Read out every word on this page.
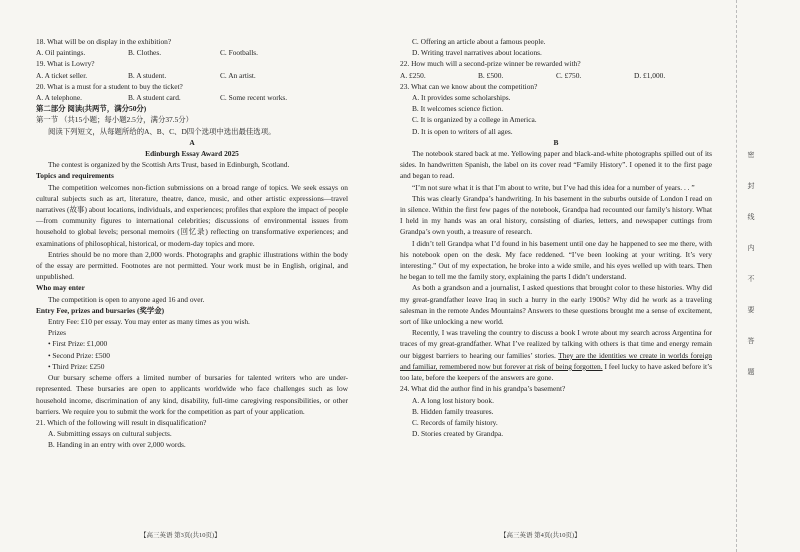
18. What will be on display in the exhibition?
A. Oil paintings.	B. Clothes.	C. Footballs.
19. What is Lowry?
A. A ticket seller.	B. A student.	C. An artist.
20. What is a must for a student to buy the ticket?
A. A telephone.	B. A student card.	C. Some recent works.
第二部分 阅读(共两节，满分50分)
第一节 （共15小题；每小题2.5分，满分37.5分）
阅读下列短文，从每题所给的A、B、C、D四个选项中选出最佳选项。
A
Edinburgh Essay Award 2025

The contest is organized by the Scottish Arts Trust, based in Edinburgh, Scotland.

Topics and requirements

The competition welcomes non-fiction submissions on a broad range of topics. We seek essays on cultural subjects such as art, literature, theatre, dance, music, and other artistic expressions—travel narratives (故事) about locations, individuals, and experiences; profiles that explore the impact of people—from community figures to international celebrities; discussions of environmental issues from household to global levels; personal memoirs (回忆录) reflecting on transformative experiences; and examinations of philosophical, historical, or modern-day topics and more.

Entries should be no more than 2,000 words. Photographs and graphic illustrations within the body of the essay are permitted. Footnotes are not permitted. Your work must be in English, original, and unpublished.

Who may enter

The competition is open to anyone aged 16 and over.

Entry Fee, prizes and bursaries (奖学金)

Entry Fee: £10 per essay. You may enter as many times as you wish.

Prizes
• First Prize: £1,000
• Second Prize: £500
• Third Prize: £250

Our bursary scheme offers a limited number of bursaries for talented writers who are under-represented. These bursaries are open to applicants worldwide who face challenges such as low household income, discrimination of any kind, disability, full-time caregiving responsibilities, or other barriers. We require you to submit the work for the competition as part of your application.

21. Which of the following will result in disqualification?
A. Submitting essays on cultural subjects.
B. Handing in an entry with over 2,000 words.
C. Offering an article about a famous people.
D. Writing travel narratives about locations.
22. How much will a second-prize winner be rewarded with?
A. £250.	B. £500.	C. £750.	D. £1,000.
23. What can we know about the competition?
A. It provides some scholarships.
B. It welcomes science fiction.
C. It is organized by a college in America.
D. It is open to writers of all ages.
B

The notebook stared back at me. Yellowing paper and black-and-white photographs spilled out of its sides. In handwritten Spanish, the label on its cover read “Family History”. I opened it to the first page and began to read.

“I’m not sure what it is that I’m about to write, but I’ve had this idea for a number of years. . . ”

This was clearly Grandpa’s handwriting. In his basement in the suburbs outside of London I read on in silence. Within the first few pages of the notebook, Grandpa had recounted our family’s history. What I held in my hands was an oral history, consisting of diaries, letters, and newspaper cuttings from Grandpa’s own youth, a treasure of research.

I didn’t tell Grandpa what I’d found in his basement until one day he happened to see me there, with his notebook open on the desk. My face reddened. “I’ve been looking at your writing. It’s very interesting.” Out of my expectation, he broke into a wide smile, and his eyes welled up with tears. Then he began to tell me the family story, explaining the parts I didn’t understand.

As both a grandson and a journalist, I asked questions that brought color to these histories. Why did my great-grandfather leave Iraq in such a hurry in the early 1900s? Why did he work as a traveling salesman in the remote Andes Mountains? Answers to these questions brought me a sense of excitement, sort of like unlocking a new world.

Recently, I was traveling the country to discuss a book I wrote about my search across Argentina for traces of my great-grandfather. What I’ve realized by talking with others is that time and energy remain our biggest barriers to hearing our families’ stories. They are the identities we create in worlds foreign and familiar, remembered now but forever at risk of being forgotten. I feel lucky to have asked before it’s too late, before the keepers of the answers are gone.

24. What did the author find in his grandpa’s basement?
A. A long lost history book.
B. Hidden family treasures.
C. Records of family history.
D. Stories created by Grandpa.
【高三英语 第3页(共10页)】	【高三英语 第4页(共10页)】
密
封
线
内
不
要
答
题
